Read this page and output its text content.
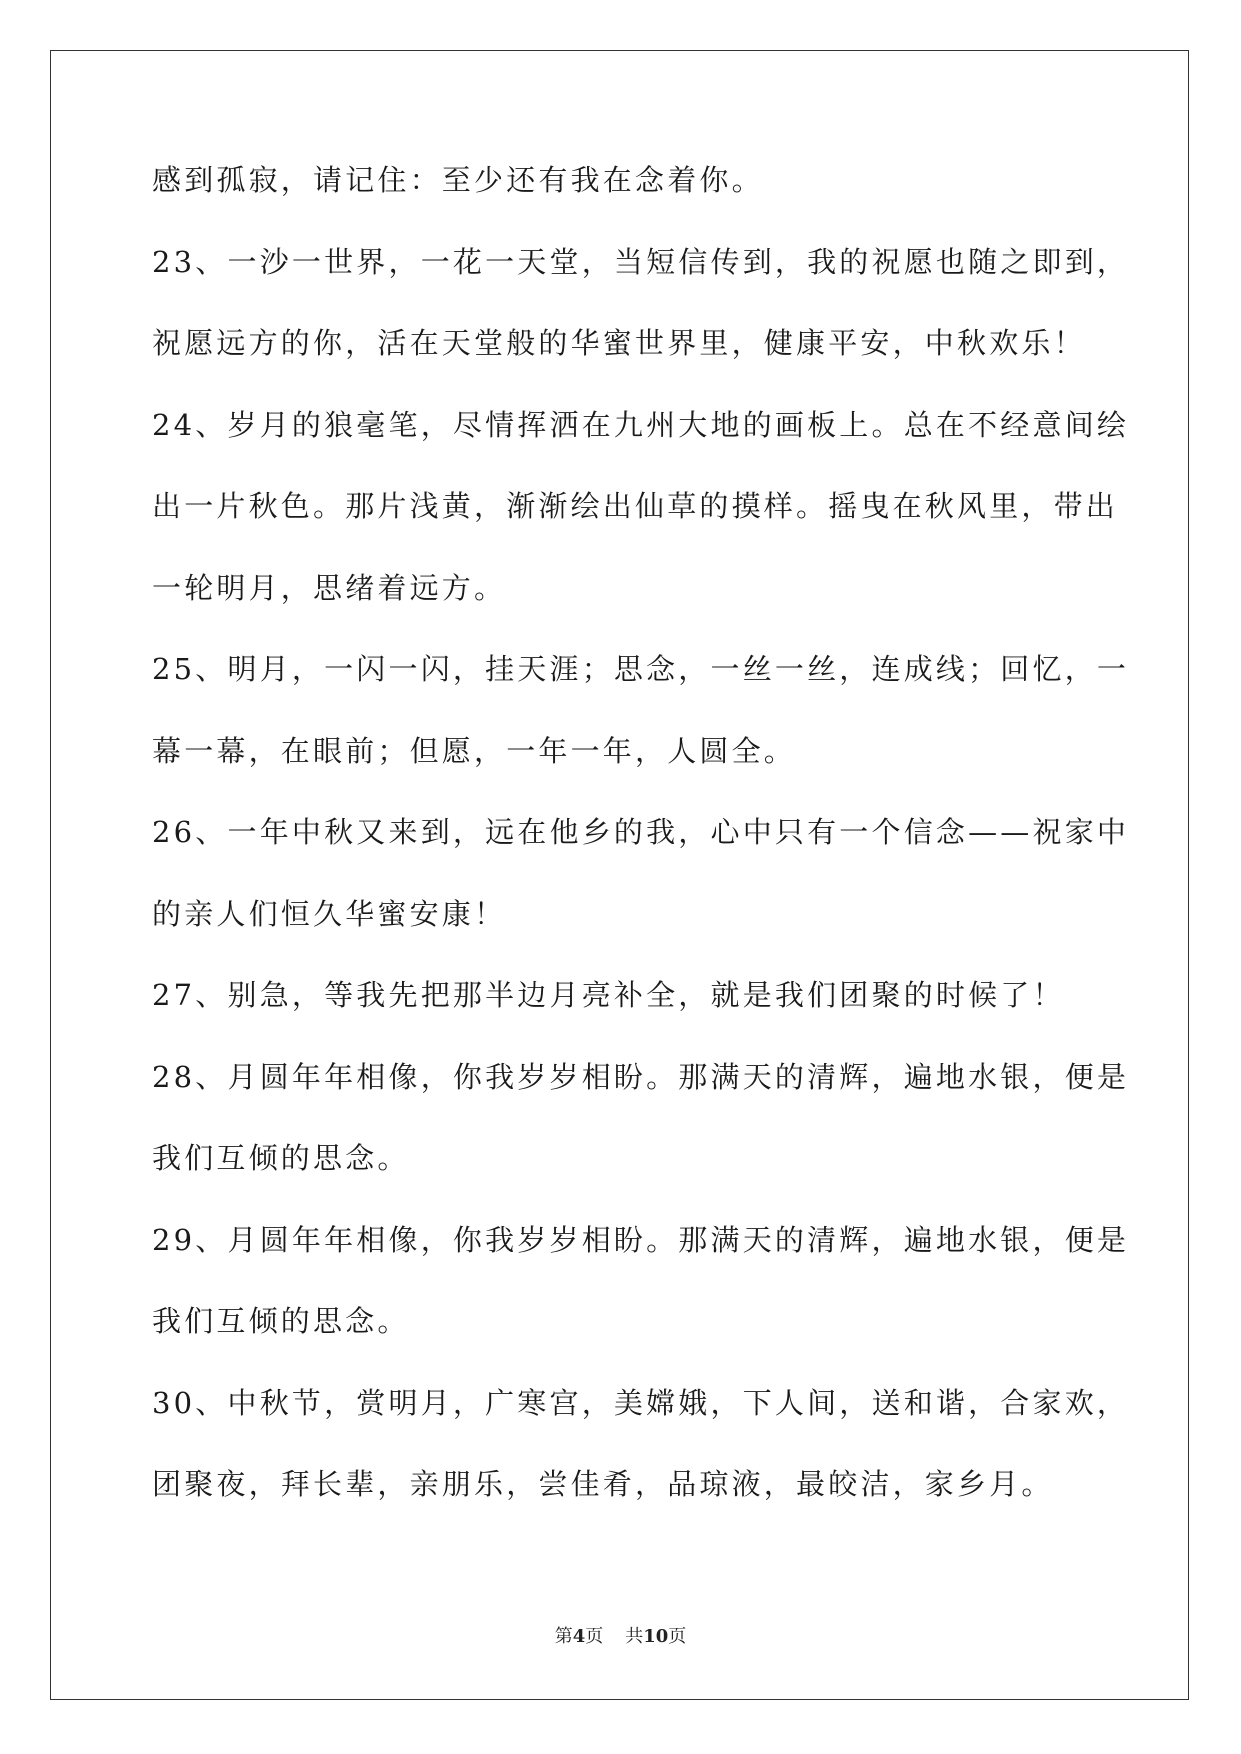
感到孤寂，请记住：至少还有我在念着你。
23、一沙一世界，一花一天堂，当短信传到，我的祝愿也随之即到，
祝愿远方的你，活在天堂般的华蜜世界里，健康平安，中秋欢乐！
24、岁月的狼毫笔，尽情挥洒在九州大地的画板上。总在不经意间绘
出一片秋色。那片浅黄，渐渐绘出仙草的摸样。摇曳在秋风里，带出
一轮明月，思绪着远方。
25、明月，一闪一闪，挂天涯；思念，一丝一丝，连成线；回忆，一
幕一幕，在眼前；但愿，一年一年，人圆全。
26、一年中秋又来到，远在他乡的我，心中只有一个信念——祝家中
的亲人们恒久华蜜安康！
27、别急，等我先把那半边月亮补全，就是我们团聚的时候了！
28、月圆年年相像，你我岁岁相盼。那满天的清辉，遍地水银，便是
我们互倾的思念。
29、月圆年年相像，你我岁岁相盼。那满天的清辉，遍地水银，便是
我们互倾的思念。
30、中秋节，赏明月，广寒宫，美嫦娥，下人间，送和谐，合家欢，
团聚夜，拜长辈，亲朋乐，尝佳肴，品琼液，最皎洁，家乡月。
第4页 共10页
